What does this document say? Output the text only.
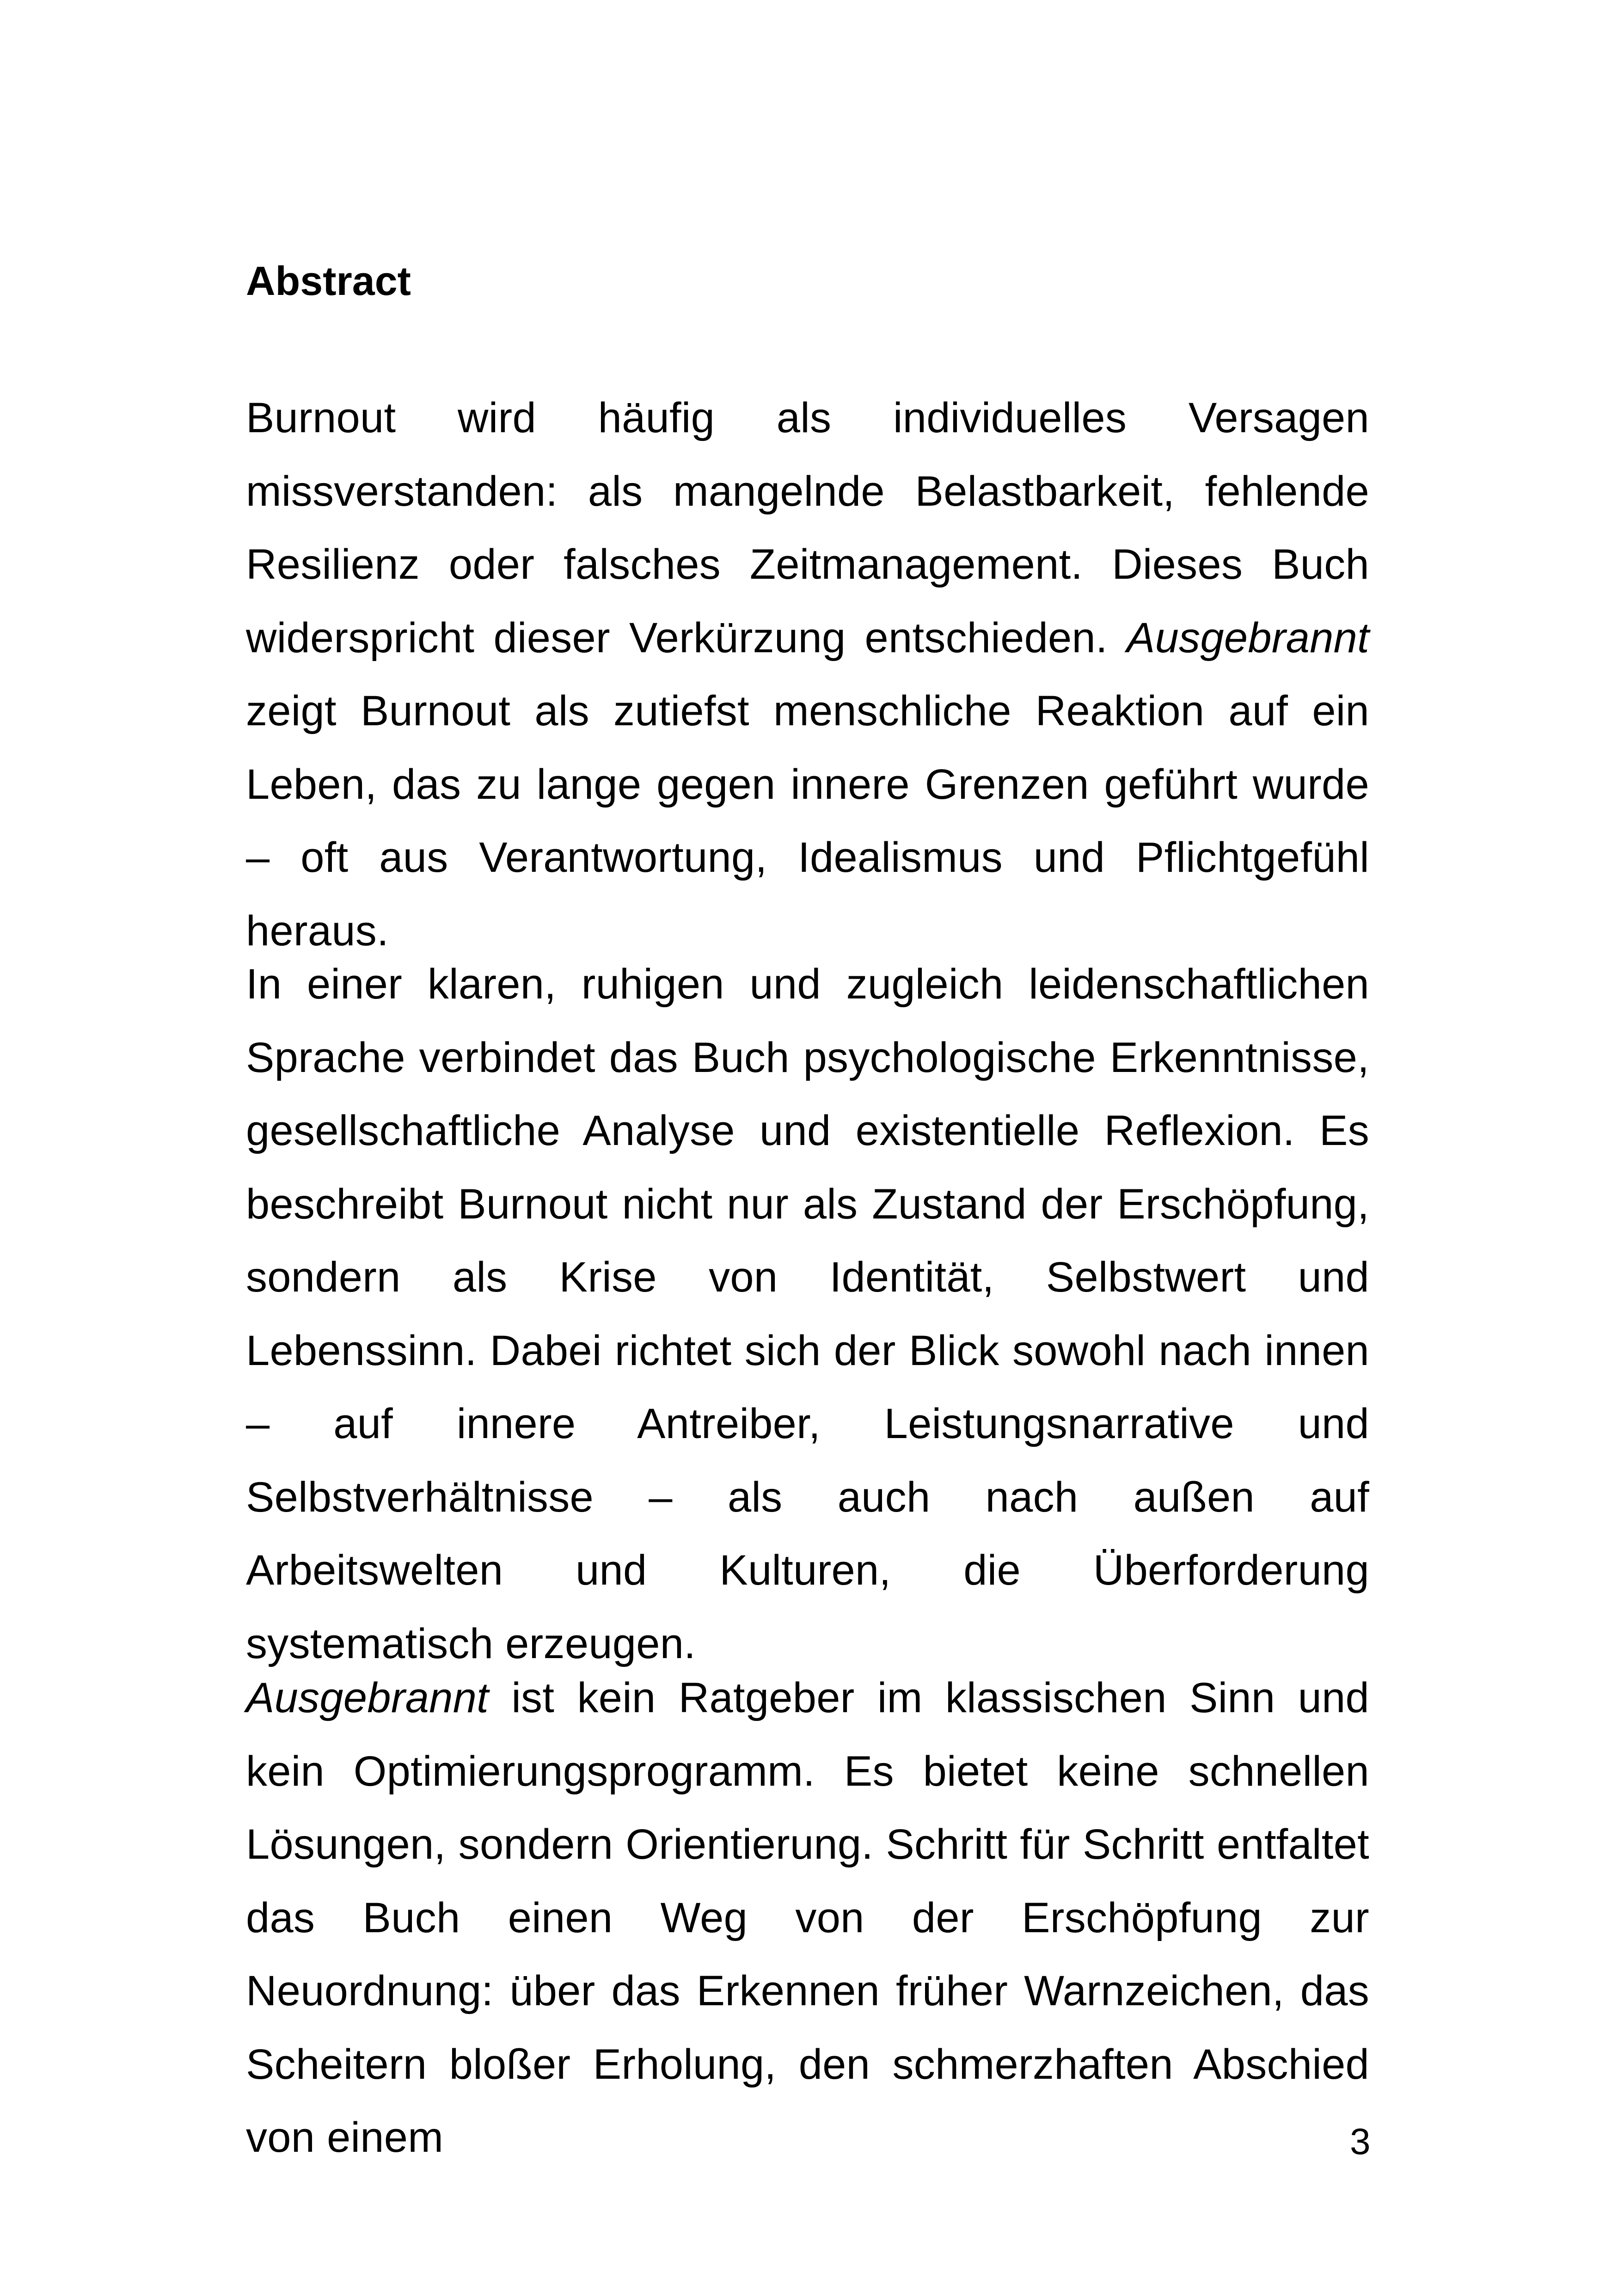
Abstract

Burnout wird häufig als individuelles Versagen missverstanden: als mangelnde Belastbarkeit, fehlende Resilienz oder falsches Zeitmanagement. Dieses Buch widerspricht dieser Verkürzung entschieden. Ausgebrannt zeigt Burnout als zutiefst menschliche Reaktion auf ein Leben, das zu lange gegen innere Grenzen geführt wurde – oft aus Verantwortung, Idealismus und Pflichtgefühl heraus.

In einer klaren, ruhigen und zugleich leidenschaftlichen Sprache verbindet das Buch psychologische Erkenntnisse, gesellschaftliche Analyse und existentielle Reflexion. Es beschreibt Burnout nicht nur als Zustand der Erschöpfung, sondern als Krise von Identität, Selbstwert und Lebenssinn. Dabei richtet sich der Blick sowohl nach innen – auf innere Antreiber, Leistungsnarrative und Selbstverhältnisse – als auch nach außen auf Arbeitswelten und Kulturen, die Überforderung systematisch erzeugen.

Ausgebrannt ist kein Ratgeber im klassischen Sinn und kein Optimierungsprogramm. Es bietet keine schnellen Lösungen, sondern Orientierung. Schritt für Schritt entfaltet das Buch einen Weg von der Erschöpfung zur Neuordnung: über das Erkennen früher Warnzeichen, das Scheitern bloßer Erholung, den schmerzhaften Abschied von einem	3
